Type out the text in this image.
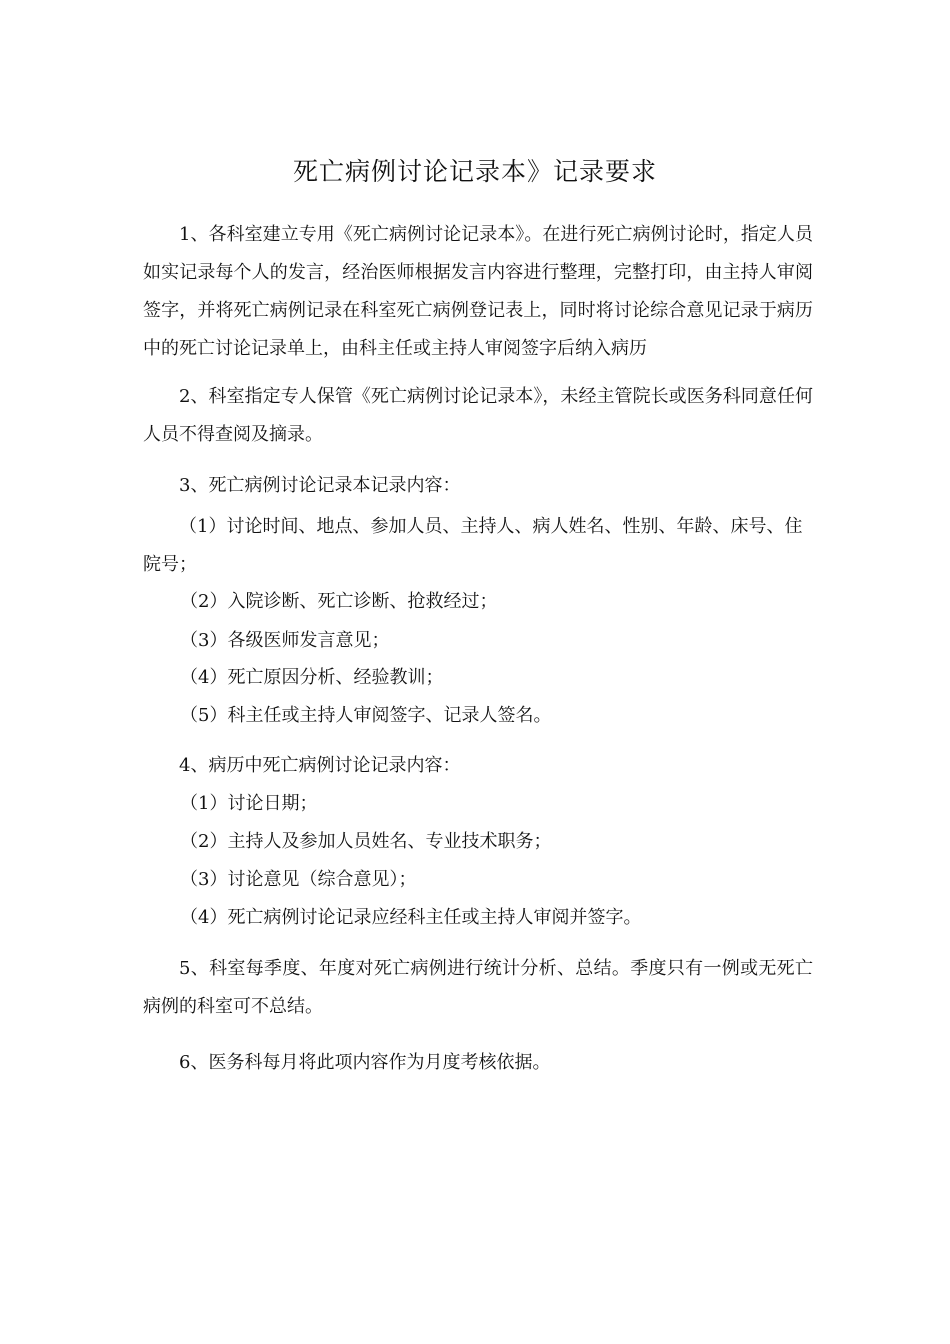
死亡病例讨论记录本》记录要求

1、各科室建立专用《死亡病例讨论记录本》。在进行死亡病例讨论时，指定人员如实记录每个人的发言，经治医师根据发言内容进行整理，完整打印，由主持人审阅签字，并将死亡病例记录在科室死亡病例登记表上，同时将讨论综合意见记录于病历中的死亡讨论记录单上，由科主任或主持人审阅签字后纳入病历

2、科室指定专人保管《死亡病例讨论记录本》，未经主管院长或医务科同意任何人员不得查阅及摘录。

3、死亡病例讨论记录本记录内容：

（1）讨论时间、地点、参加人员、主持人、病人姓名、性别、年龄、床号、住院号；

（2）入院诊断、死亡诊断、抢救经过；

（3）各级医师发言意见；

（4）死亡原因分析、经验教训；

（5）科主任或主持人审阅签字、记录人签名。

4、病历中死亡病例讨论记录内容：

（1）讨论日期；

（2）主持人及参加人员姓名、专业技术职务；

（3）讨论意见（综合意见）；

（4）死亡病例讨论记录应经科主任或主持人审阅并签字。

5、科室每季度、年度对死亡病例进行统计分析、总结。季度只有一例或无死亡病例的科室可不总结。

6、医务科每月将此项内容作为月度考核依据。
